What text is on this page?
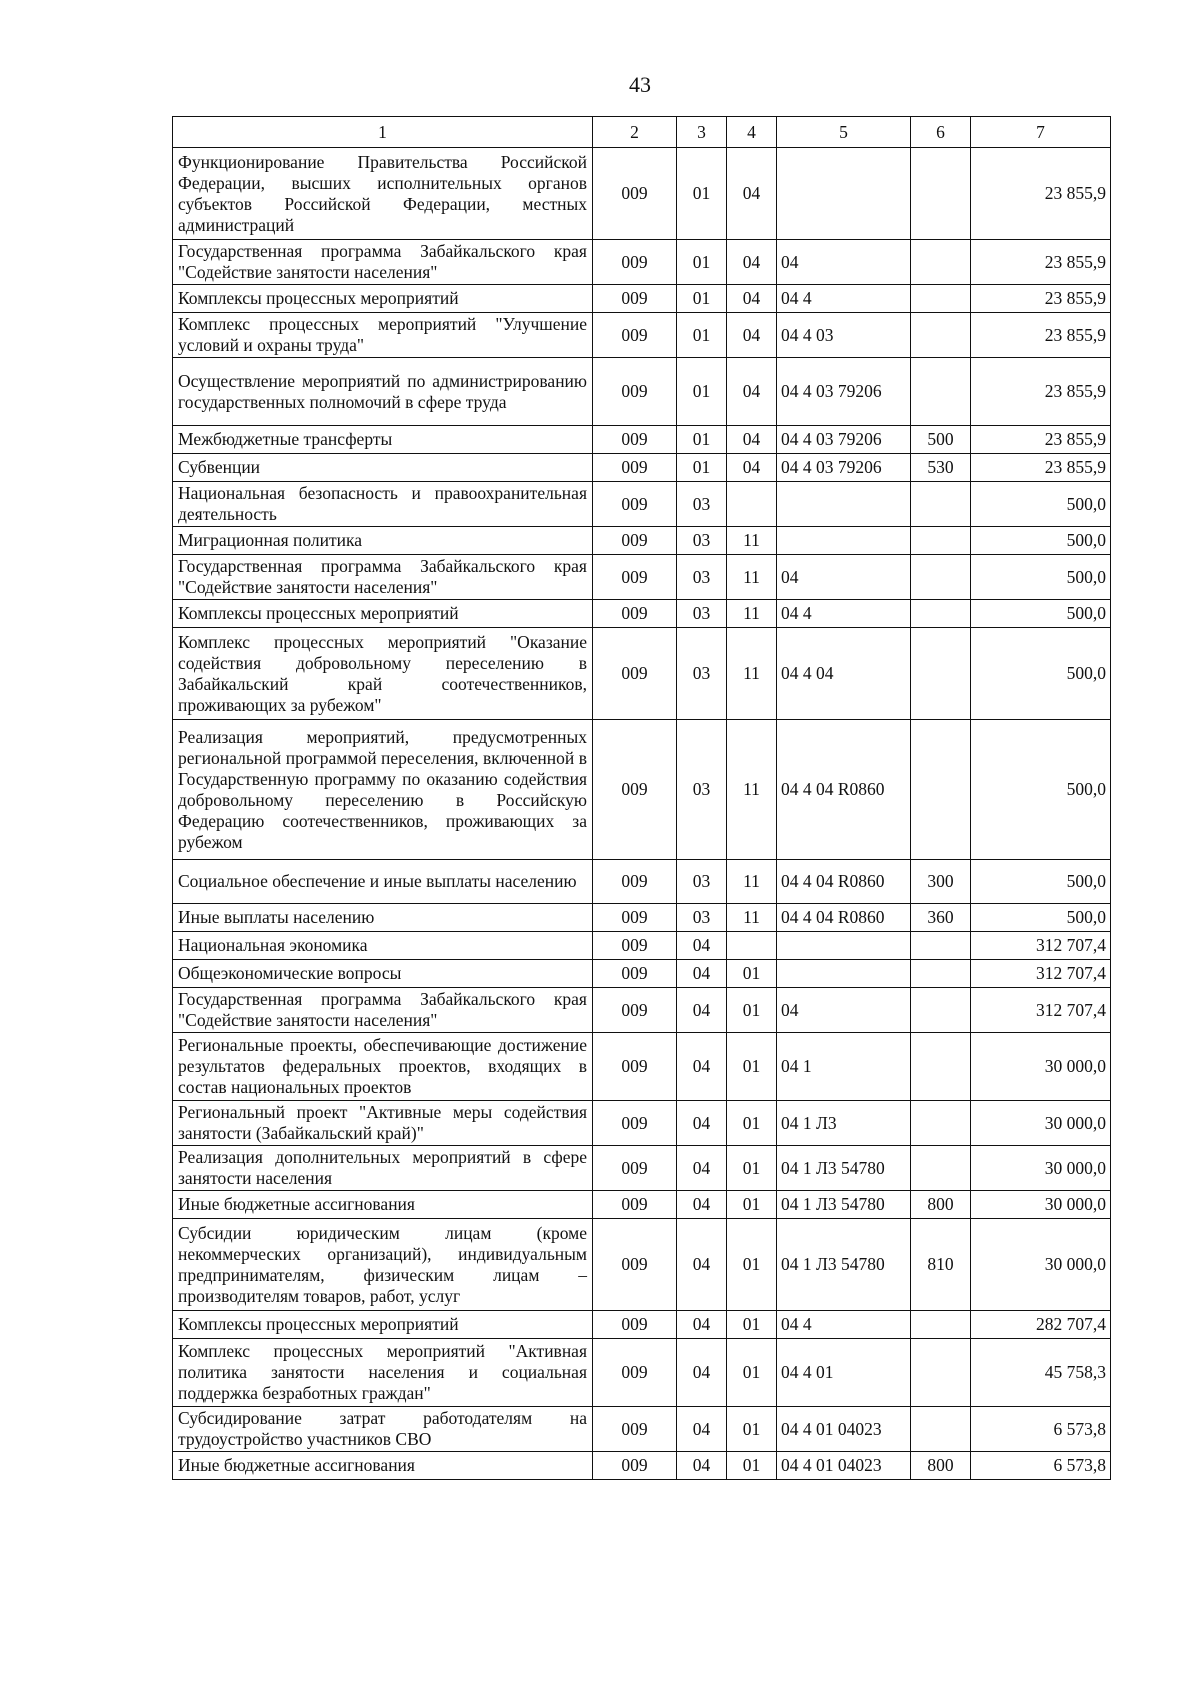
43
1	2	3	4	5	6	7
Функционирование Правительства Российской Федерации, высших исполнительных органов субъектов Российской Федерации, местных администраций	009	01	04			23 855,9
Государственная программа Забайкальского края "Содействие занятости населения"	009	01	04	04		23 855,9
Комплексы процессных мероприятий	009	01	04	04 4		23 855,9
Комплекс процессных мероприятий "Улучшение условий и охраны труда"	009	01	04	04 4 03		23 855,9
Осуществление мероприятий по администрированию государственных полномочий в сфере труда	009	01	04	04 4 03 79206		23 855,9
Межбюджетные трансферты	009	01	04	04 4 03 79206	500	23 855,9
Субвенции	009	01	04	04 4 03 79206	530	23 855,9
Национальная безопасность и правоохранительная деятельность	009	03				500,0
Миграционная политика	009	03	11			500,0
Государственная программа Забайкальского края "Содействие занятости населения"	009	03	11	04		500,0
Комплексы процессных мероприятий	009	03	11	04 4		500,0
Комплекс процессных мероприятий "Оказание содействия добровольному переселению в Забайкальский край соотечественников, проживающих за рубежом"	009	03	11	04 4 04		500,0
Реализация мероприятий, предусмотренных региональной программой переселения, включенной в Государственную программу по оказанию содействия добровольному переселению в Российскую Федерацию соотечественников, проживающих за рубежом	009	03	11	04 4 04 R0860		500,0
Социальное обеспечение и иные выплаты населению	009	03	11	04 4 04 R0860	300	500,0
Иные выплаты населению	009	03	11	04 4 04 R0860	360	500,0
Национальная экономика	009	04				312 707,4
Общеэкономические вопросы	009	04	01			312 707,4
Государственная программа Забайкальского края "Содействие занятости населения"	009	04	01	04		312 707,4
Региональные проекты, обеспечивающие достижение результатов федеральных проектов, входящих в состав национальных проектов	009	04	01	04 1		30 000,0
Региональный проект "Активные меры содействия занятости (Забайкальский край)"	009	04	01	04 1 Л3		30 000,0
Реализация дополнительных мероприятий в сфере занятости населения	009	04	01	04 1 Л3 54780		30 000,0
Иные бюджетные ассигнования	009	04	01	04 1 Л3 54780	800	30 000,0
Субсидии юридическим лицам (кроме некоммерческих организаций), индивидуальным предпринимателям, физическим лицам – производителям товаров, работ, услуг	009	04	01	04 1 Л3 54780	810	30 000,0
Комплексы процессных мероприятий	009	04	01	04 4		282 707,4
Комплекс процессных мероприятий "Активная политика занятости населения и социальная поддержка безработных граждан"	009	04	01	04 4 01		45 758,3
Субсидирование затрат работодателям на трудоустройство участников СВО	009	04	01	04 4 01 04023		6 573,8
Иные бюджетные ассигнования	009	04	01	04 4 01 04023	800	6 573,8
